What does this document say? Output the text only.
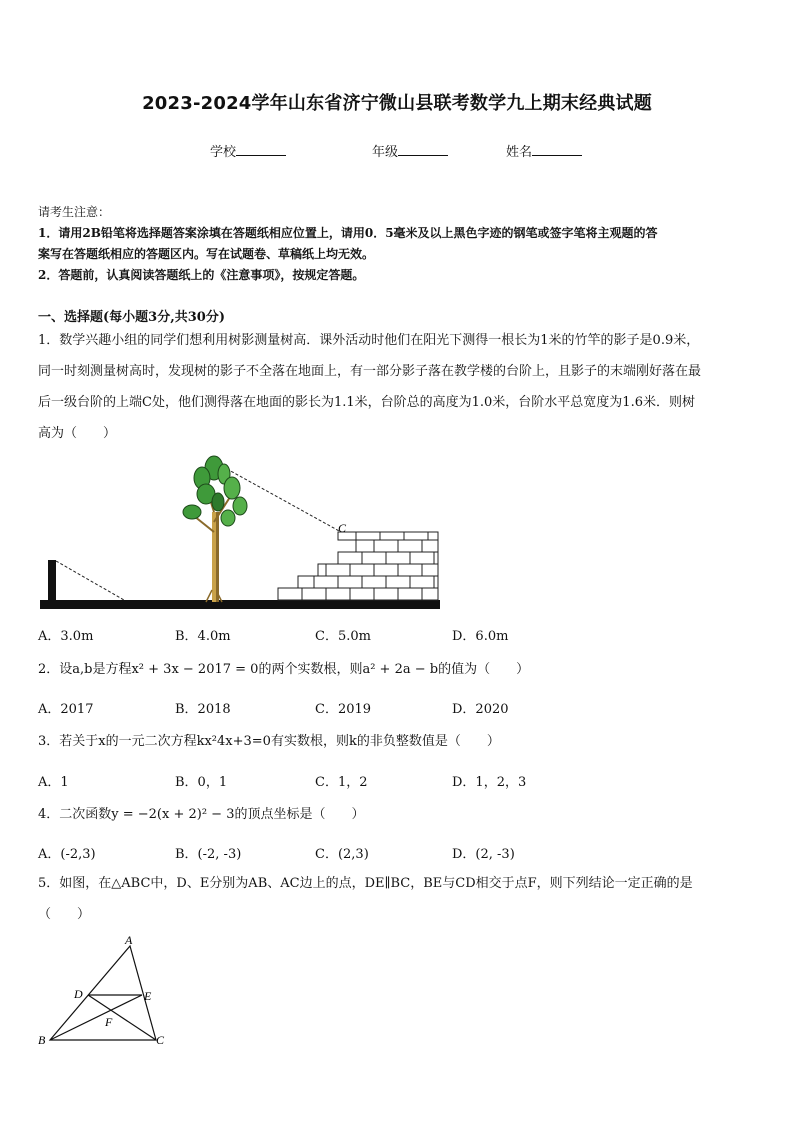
2023-2024学年山东省济宁微山县联考数学九上期末经典试题
学校	年级	姓名
请考生注意：
1．请用2B铅笔将选择题答案涂填在答题纸相应位置上，请用0．5毫米及以上黑色字迹的钢笔或签字笔将主观题的答
案写在答题纸相应的答题区内。写在试题卷、草稿纸上均无效。
2．答题前，认真阅读答题纸上的《注意事项》，按规定答题。
一、选择题(每小题3分,共30分)
1．数学兴趣小组的同学们想利用树影测量树高．课外活动时他们在阳光下测得一根长为1米的竹竿的影子是0.9米，
同一时刻测量树高时，发现树的影子不全落在地面上，有一部分影子落在教学楼的台阶上，且影子的末端刚好落在最
后一级台阶的上端C处，他们测得落在地面的影长为1.1米，台阶总的高度为1.0米，台阶水平总宽度为1.6米．则树
高为（　　）
C
A．3.0m	B．4.0m	C．5.0m	D．6.0m
2．设a,b是方程x² + 3x − 2017 = 0的两个实数根，则a² + 2a − b的值为（　　）
A．2017	B．2018	C．2019	D．2020
3．若关于x的一元二次方程kx²4x+3=0有实数根，则k的非负整数值是（　　）
A．1	B．0，1	C．1，2	D．1，2，3
4．二次函数y = −2(x + 2)² − 3的顶点坐标是（　　）
A．(-2,3)	B．(-2, -3)	C．(2,3)	D．(2, -3)
5．如图，在△ABC中，D、E分别为AB、AC边上的点，DE∥BC，BE与CD相交于点F，则下列结论一定正确的是
（　　）
A
B	C
D	E
F
